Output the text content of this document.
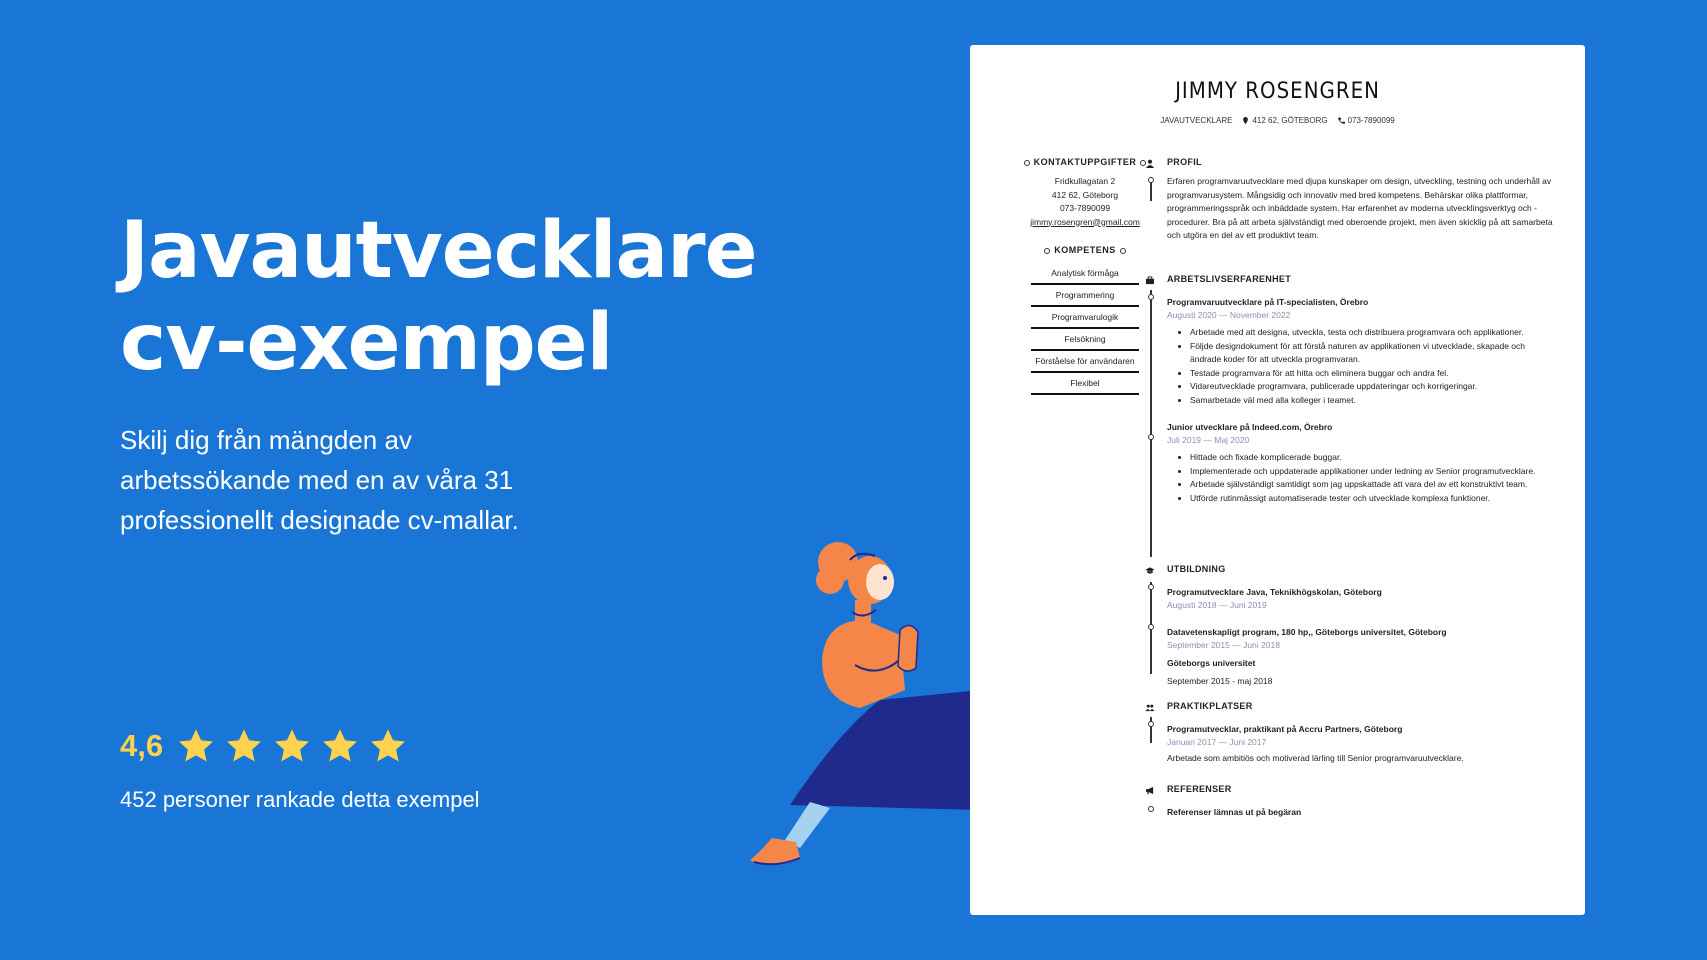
Javautvecklare
cv-exempel

Skilj dig från mängden av arbetssökande med en av våra 31 professionellt designade cv-mallar.

4,6
452 personer rankade detta exempel
JIMMY ROSENGREN
JAVAUTVECKLARE	412 62, GÖTEBORG	073-7890099
KONTAKTUPPGIFTER
Fridkullagatan 2
412 62, Göteborg
073-7890099
jimmy.rosengren@gmail.com
KOMPETENS
Analytisk förmåga
Programmering
Programvarulogik
Felsökning
Förståelse för användaren
Flexibel
PROFIL
Erfaren programvaruutvecklare med djupa kunskaper om design, utveckling, testning och underhåll av programvarusystem. Mångsidig och innovativ med bred kompetens. Behärskar olika plattformar, programmeringsspråk och inbäddade system. Har erfarenhet av moderna utvecklingsverktyg och -procedurer. Bra på att arbeta självständigt med oberoende projekt, men även skicklig på att samarbeta och utgöra en del av ett produktivt team.
ARBETSLIVSERFARENHET
Programvaruutvecklare på IT-specialisten, Örebro
Augusti 2020 — November 2022
• Arbetade med att designa, utveckla, testa och distribuera programvara och applikationer.
• Följde designdokument för att förstå naturen av applikationen vi utvecklade, skapade och ändrade koder för att utveckla programvaran.
• Testade programvara för att hitta och eliminera buggar och andra fel.
• Vidareutvecklade programvara, publicerade uppdateringar och korrigeringar.
• Samarbetade väl med alla kolleger i teamet.
Junior utvecklare på Indeed.com, Örebro
Juli 2019 — Maj 2020
• Hittade och fixade komplicerade buggar.
• Implementerade och uppdaterade applikationer under ledning av Senior programutvecklare.
• Arbetade självständigt samtidigt som jag uppskattade att vara del av ett konstruktivt team.
• Utförde rutinmässigt automatiserade tester och utvecklade komplexa funktioner.
UTBILDNING
Programutvecklare Java, Teknikhögskolan, Göteborg
Augusti 2018 — Juni 2019
Datavetenskapligt program, 180 hp,, Göteborgs universitet, Göteborg
September 2015 — Juni 2018
Göteborgs universitet
September 2015 - maj 2018
PRAKTIKPLATSER
Programutvecklar, praktikant på Accru Partners, Göteborg
Januari 2017 — Juni 2017
Arbetade som ambitiös och motiverad lärling till Senior programvaruutvecklare.
REFERENSER
Referenser lämnas ut på begäran
